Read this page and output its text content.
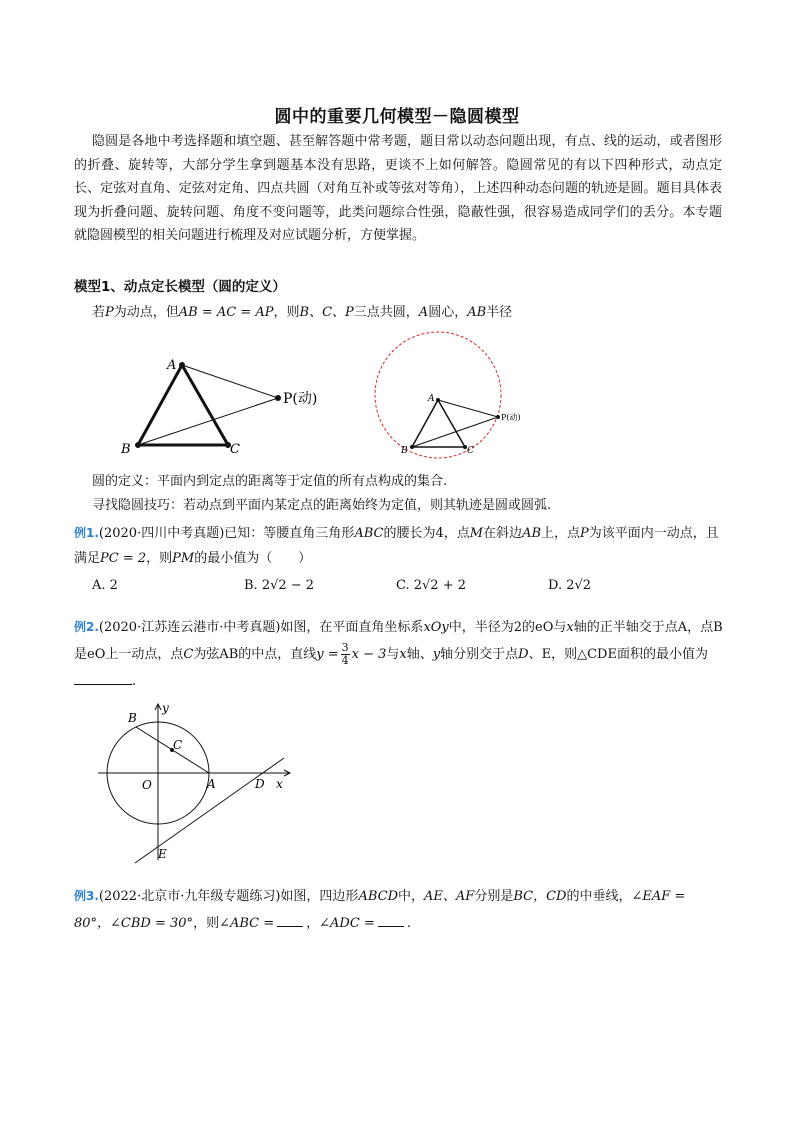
圆中的重要几何模型－隐圆模型

隐圆是各地中考选择题和填空题、甚至解答题中常考题，题目常以动态问题出现，有点、线的运动，或者图形的折叠、旋转等，大部分学生拿到题基本没有思路，更谈不上如何解答。隐圆常见的有以下四种形式，动点定长、定弦对直角、定弦对定角、四点共圆（对角互补或等弦对等角），上述四种动态问题的轨迹是圆。题目具体表现为折叠问题、旋转问题、角度不变问题等，此类问题综合性强，隐蔽性强，很容易造成同学们的丢分。本专题就隐圆模型的相关问题进行梳理及对应试题分析，方便掌握。

模型1、动点定长模型（圆的定义）
若P为动点，但AB = AC = AP，则B、C、P三点共圆，A圆心，AB半径
A
B	C
P(动)	A
B	C
P(动)
圆的定义：平面内到定点的距离等于定值的所有点构成的集合.
寻找隐圆技巧：若动点到平面内某定点的距离始终为定值，则其轨迹是圆或圆弧.
例1.(2020·四川中考真题)已知：等腰直角三角形ABC的腰长为4，点M在斜边AB上，点P为该平面内一动点，且满足PC = 2，则PM的最小值为（　　）
A. 2	B. 2√2 − 2	C. 2√2 + 2	D. 2√2
例2.(2020·江苏连云港市·中考真题)如图，在平面直角坐标系xOy中，半径为2的eO与x轴的正半轴交于点A，点B是eO上一动点，点C为弦AB的中点，直线$y = \frac{3}{4}$ x − 3与x轴、y轴分别交于点D、E，则△CDE面积的最小值为.
B
y
C
O	A	D x
E
例3.(2022·北京市·九年级专题练习)如图，四边形ABCD中，AE、AF分别是BC，CD的中垂线，∠EAF = 80°，∠CBD = 30°，则∠ABC = ，∠ADC = .
